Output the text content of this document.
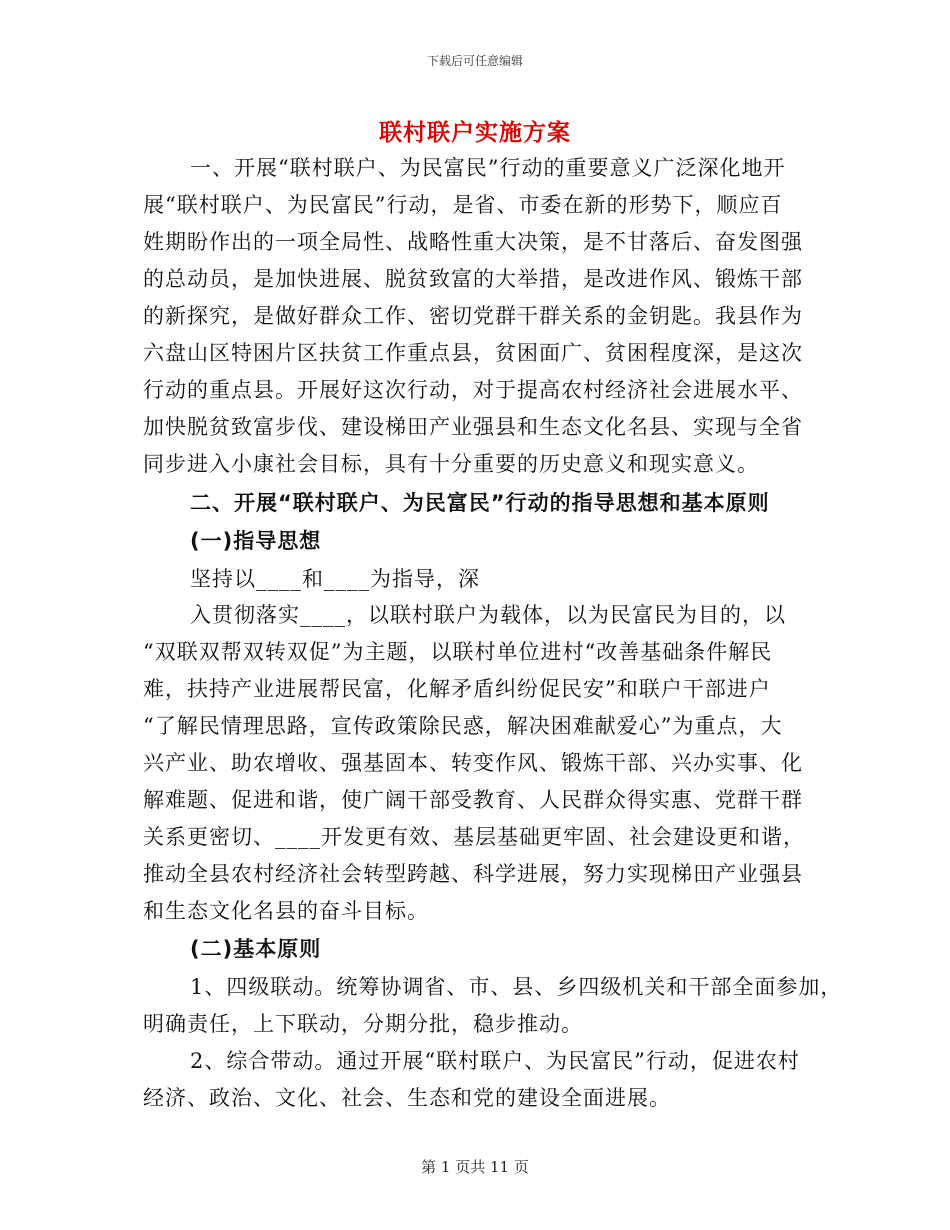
下载后可任意编辑
联村联户实施方案
一、开展“联村联户、为民富民”行动的重要意义广泛深化地开
展“联村联户、为民富民”行动，是省、市委在新的形势下，顺应百
姓期盼作出的一项全局性、战略性重大决策，是不甘落后、奋发图强
的总动员，是加快进展、脱贫致富的大举措，是改进作风、锻炼干部
的新探究，是做好群众工作、密切党群干群关系的金钥匙。我县作为
六盘山区特困片区扶贫工作重点县，贫困面广、贫困程度深，是这次
行动的重点县。开展好这次行动，对于提高农村经济社会进展水平、
加快脱贫致富步伐、建设梯田产业强县和生态文化名县、实现与全省
同步进入小康社会目标，具有十分重要的历史意义和现实意义。
二、开展“联村联户、为民富民”行动的指导思想和基本原则
(一)指导思想
坚持以____和____为指导，深
入贯彻落实____，以联村联户为载体，以为民富民为目的，以
“双联双帮双转双促”为主题，以联村单位进村“改善基础条件解民
难，扶持产业进展帮民富，化解矛盾纠纷促民安”和联户干部进户
“了解民情理思路，宣传政策除民惑，解决困难献爱心”为重点，大
兴产业、助农增收、强基固本、转变作风、锻炼干部、兴办实事、化
解难题、促进和谐，使广阔干部受教育、人民群众得实惠、党群干群
关系更密切、____开发更有效、基层基础更牢固、社会建设更和谐，
推动全县农村经济社会转型跨越、科学进展，努力实现梯田产业强县
和生态文化名县的奋斗目标。
(二)基本原则
1、四级联动。统筹协调省、市、县、乡四级机关和干部全面参加，
明确责任，上下联动，分期分批，稳步推动。
2、综合带动。通过开展“联村联户、为民富民”行动，促进农村
经济、政治、文化、社会、生态和党的建设全面进展。
第 1 页共 11 页
